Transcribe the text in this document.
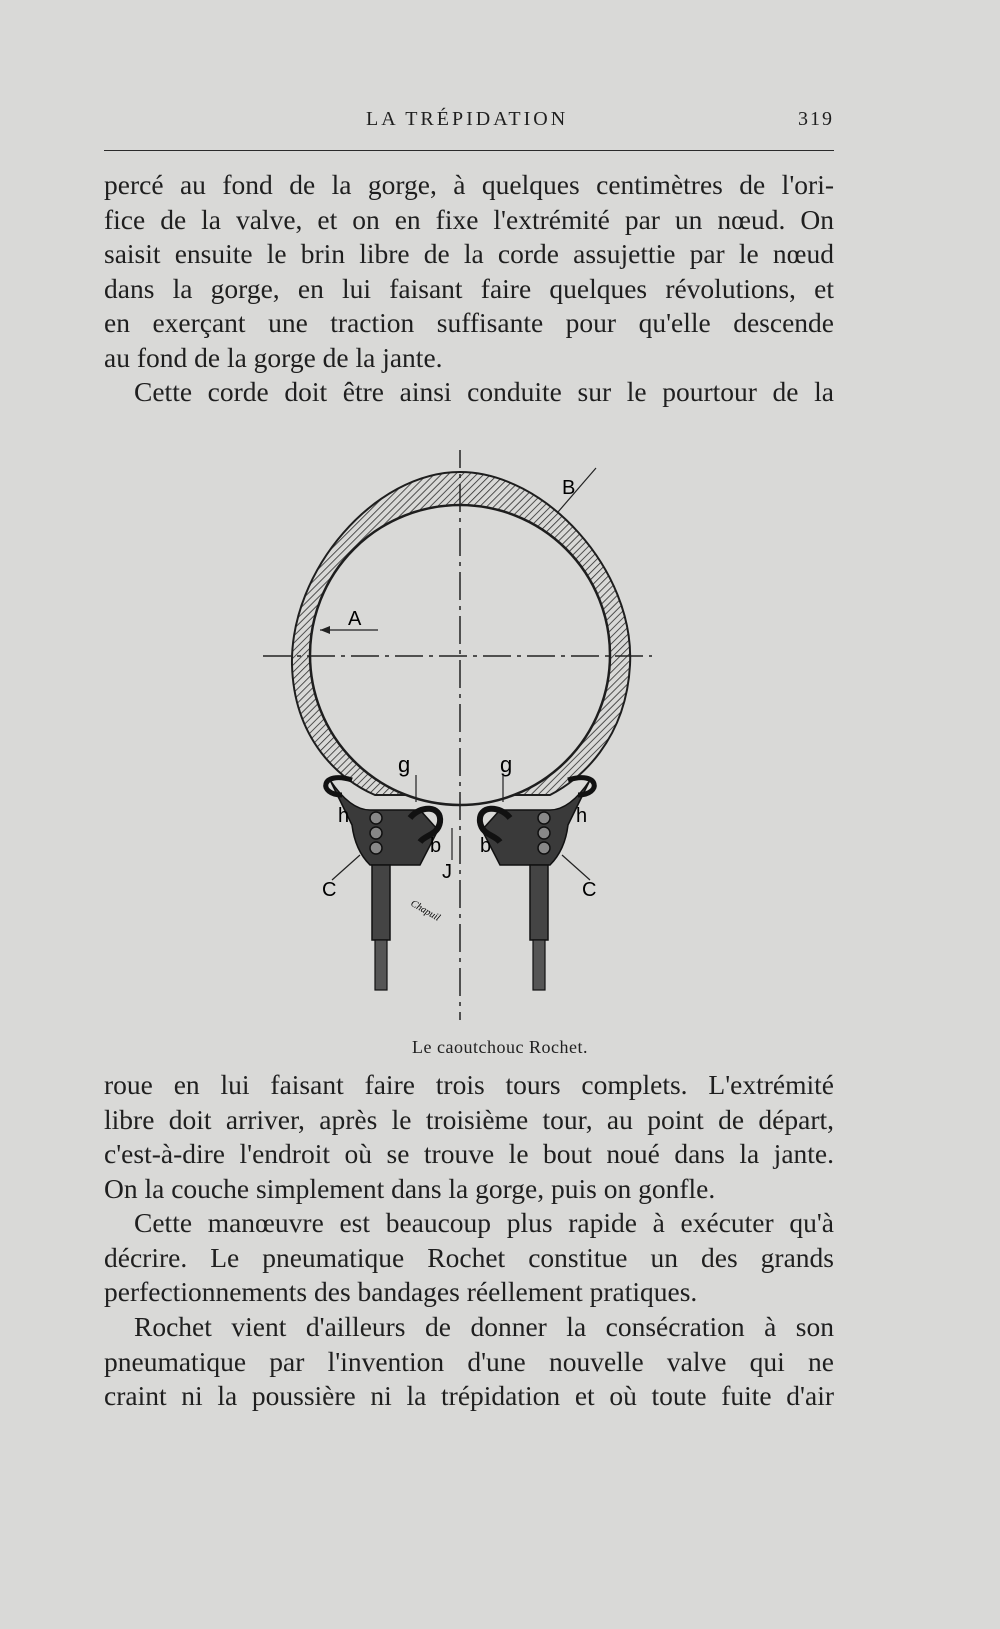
LA TRÉPIDATION	319

percé au fond de la gorge, à quelques centimètres de l'ori-
fice de la valve, et on en fixe l'extrémité par un nœud. On
saisit ensuite le brin libre de la corde assujettie par le nœud
dans la gorge, en lui faisant faire quelques révolutions, et
en exerçant une traction suffisante pour qu'elle descende
au fond de la gorge de la jante.

Cette corde doit être ainsi conduite sur le pourtour de la

A
B
g	g
h	h
b b
J
C	C
Chapuil
Le caoutchouc Rochet.

roue en lui faisant faire trois tours complets. L'extrémité
libre doit arriver, après le troisième tour, au point de départ,
c'est-à-dire l'endroit où se trouve le bout noué dans la jante.
On la couche simplement dans la gorge, puis on gonfle.

Cette manœuvre est beaucoup plus rapide à exécuter qu'à
décrire. Le pneumatique Rochet constitue un des grands
perfectionnements des bandages réellement pratiques.

Rochet vient d'ailleurs de donner la consécration à son
pneumatique par l'invention d'une nouvelle valve qui ne
craint ni la poussière ni la trépidation et où toute fuite d'air
